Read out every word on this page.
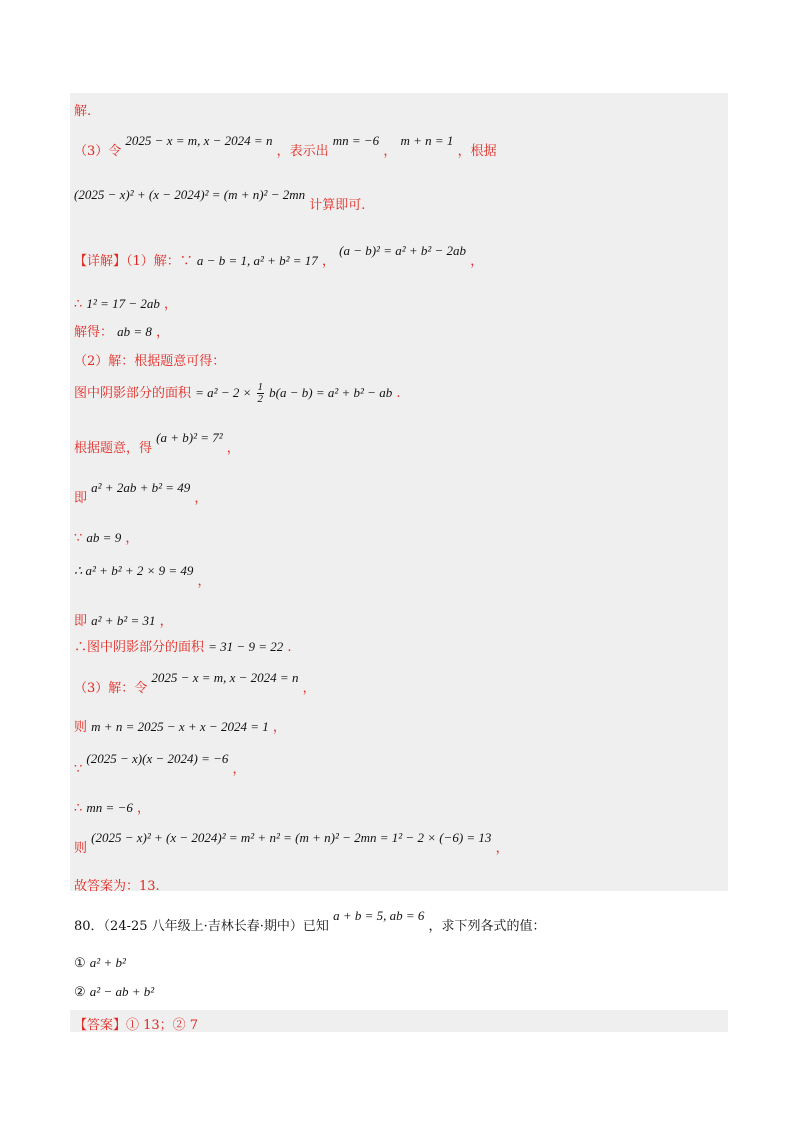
解.
（3）令 2025 − x = m, x − 2024 = n ，表示出 mn = −6 ， m + n = 1 ，根据
(2025 − x)² + (x − 2024)² = (m + n)² − 2mn 计算即可.
【详解】（1）解：∵ a − b = 1, a² + b² = 17 ， (a − b)² = a² + b² − 2ab ，
∴ 1² = 17 − 2ab ，
解得： ab = 8 ，
（2）解：根据题意可得：
图中阴影部分的面积 = $a^2 - 2 \times \frac{1}{2} b(a - b) = a^2 + b^2$ − ab .
根据题意，得 (a + b)² = 7² ，
即 a² + 2ab + b² = 49 ，
∵ ab = 9 ，
∴ a² + b² + 2 × 9 = 49 ，
即 a² + b² = 31 ，
∴图中阴影部分的面积 = 31 − 9 = 22 .
（3）解：令 2025 − x = m, x − 2024 = n ，
则 m + n = 2025 − x + x − 2024 = 1 ，
∵ (2025 − x)(x − 2024) = −6 ，
∴ mn = −6 ，
则 (2025 − x)² + (x − 2024)² = m² + n² = (m + n)² − 2mn = 1² − 2 × (−6) = 13 ，
故答案为：13.
80．（24-25 八年级上·吉林长春·期中）已知 a + b = 5, ab = 6 ，求下列各式的值：
① a² + b²
② a² − ab + b²
【答案】① 13；② 7
